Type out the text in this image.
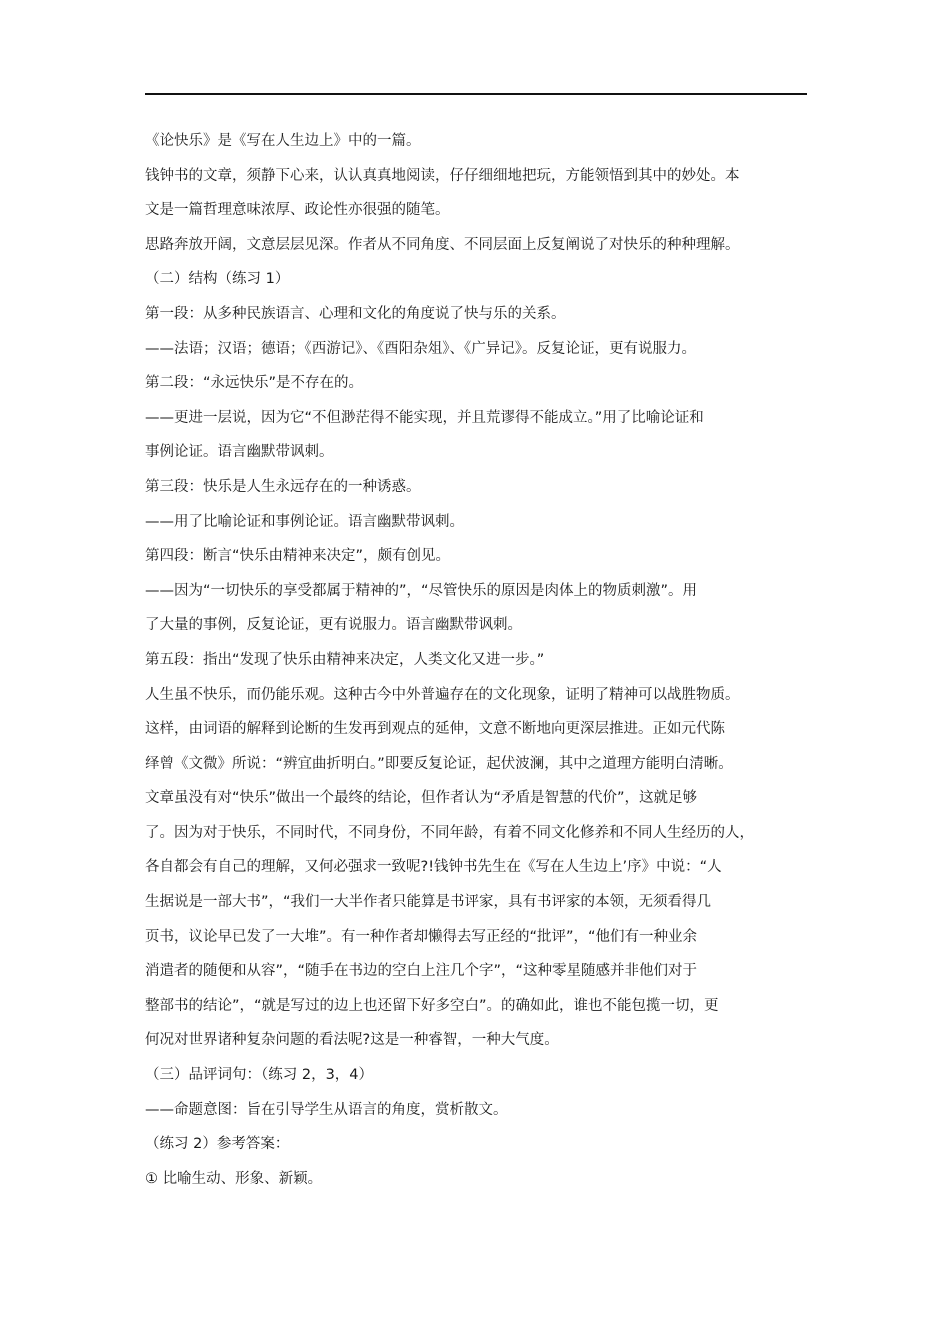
《论快乐》是《写在人生边上》中的一篇。
钱钟书的文章，须静下心来，认认真真地阅读，仔仔细细地把玩，方能领悟到其中的妙处。本
文是一篇哲理意味浓厚、政论性亦很强的随笔。
思路奔放开阔，文意层层见深。作者从不同角度、不同层面上反复阐说了对快乐的种种理解。
（二）结构（练习 1）
第一段：从多种民族语言、心理和文化的角度说了快与乐的关系。
——法语；汉语；德语；《西游记》、《酉阳杂俎》、《广异记》。反复论证，更有说服力。
第二段：“永远快乐”是不存在的。
——更进一层说，因为它“不但渺茫得不能实现，并且荒谬得不能成立。”用了比喻论证和
事例论证。语言幽默带讽刺。
第三段：快乐是人生永远存在的一种诱惑。
——用了比喻论证和事例论证。语言幽默带讽刺。
第四段：断言“快乐由精神来决定”，颇有创见。
——因为“一切快乐的享受都属于精神的”，“尽管快乐的原因是肉体上的物质刺激”。用
了大量的事例，反复论证，更有说服力。语言幽默带讽刺。
第五段：指出“发现了快乐由精神来决定，人类文化又进一步。”
人生虽不快乐，而仍能乐观。这种古今中外普遍存在的文化现象，证明了精神可以战胜物质。
这样，由词语的解释到论断的生发再到观点的延伸，文意不断地向更深层推进。正如元代陈
绎曾《文微》所说：“辨宜曲折明白。”即要反复论证，起伏波澜，其中之道理方能明白清晰。
文章虽没有对“快乐”做出一个最终的结论，但作者认为“矛盾是智慧的代价”，这就足够
了。因为对于快乐，不同时代，不同身份，不同年龄，有着不同文化修养和不同人生经历的人，
各自都会有自己的理解，又何必强求一致呢?!钱钟书先生在《写在人生边上’序》中说：“人
生据说是一部大书”，“我们一大半作者只能算是书评家，具有书评家的本领，无须看得几
页书，议论早已发了一大堆”。有一种作者却懒得去写正经的“批评”，“他们有一种业余
消遣者的随便和从容”，“随手在书边的空白上注几个字”，“这种零星随感并非他们对于
整部书的结论”，“就是写过的边上也还留下好多空白”。的确如此，谁也不能包揽一切，更
何况对世界诸种复杂问题的看法呢?这是一种睿智，一种大气度。
（三）品评词句：（练习 2，3，4）
——命题意图：旨在引导学生从语言的角度，赏析散文。
（练习 2）参考答案：
① 比喻生动、形象、新颖。
